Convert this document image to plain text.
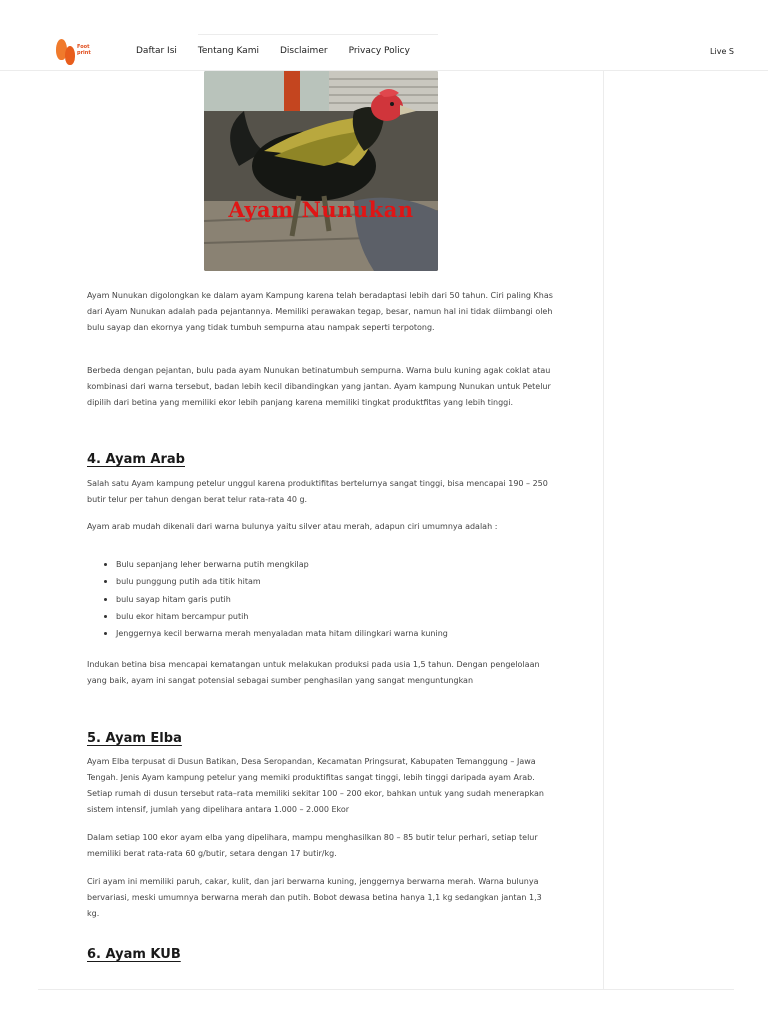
Foot
print	Daftar Isi Tentang Kami Disclaimer Privacy Policy	Live S
Ayam Nunukan

Ayam Nunukan digolongkan ke dalam ayam Kampung karena telah beradaptasi lebih dari 50 tahun. Ciri paling Khas dari Ayam Nunukan adalah pada pejantannya. Memiliki perawakan tegap, besar, namun hal ini tidak diimbangi oleh bulu sayap dan ekornya yang tidak tumbuh sempurna atau nampak seperti terpotong.

Berbeda dengan pejantan, bulu pada ayam Nunukan betinatumbuh sempurna. Warna bulu kuning agak coklat atau kombinasi dari warna tersebut, badan lebih kecil dibandingkan yang jantan. Ayam kampung Nunukan untuk Petelur dipilih dari betina yang memiliki ekor lebih panjang karena memiliki tingkat produktfitas yang lebih tinggi.

4. Ayam Arab

Salah satu Ayam kampung petelur unggul karena produktifitas bertelurnya sangat tinggi, bisa mencapai 190 – 250 butir telur per tahun dengan berat telur rata-rata 40 g.

Ayam arab mudah dikenali dari warna bulunya yaitu silver atau merah, adapun ciri umumnya adalah :

Bulu sepanjang leher berwarna putih mengkilap
bulu punggung putih ada titik hitam
bulu sayap hitam garis putih
bulu ekor hitam bercampur putih
Jenggernya kecil berwarna merah menyaladan mata hitam dilingkari warna kuning

Indukan betina bisa mencapai kematangan untuk melakukan produksi pada usia 1,5 tahun. Dengan pengelolaan yang baik, ayam ini sangat potensial sebagai sumber penghasilan yang sangat menguntungkan

5. Ayam Elba

Ayam Elba terpusat di Dusun Batikan, Desa Seropandan, Kecamatan Pringsurat, Kabupaten Temanggung – Jawa Tengah. Jenis Ayam kampung petelur yang memiki produktifitas sangat tinggi, lebih tinggi daripada ayam Arab. Setiap rumah di dusun tersebut rata–rata memiliki sekitar 100 – 200 ekor, bahkan untuk yang sudah menerapkan sistem intensif, jumlah yang dipelihara antara 1.000 – 2.000 Ekor

Dalam setiap 100 ekor ayam elba yang dipelihara, mampu menghasilkan 80 – 85 butir telur perhari, setiap telur memiliki berat rata-rata 60 g/butir, setara dengan 17 butir/kg.

Ciri ayam ini memiliki paruh, cakar, kulit, dan jari berwarna kuning, jenggernya berwarna merah. Warna bulunya bervariasi, meski umumnya berwarna merah dan putih. Bobot dewasa betina hanya 1,1 kg sedangkan jantan 1,3 kg.

6. Ayam KUB
